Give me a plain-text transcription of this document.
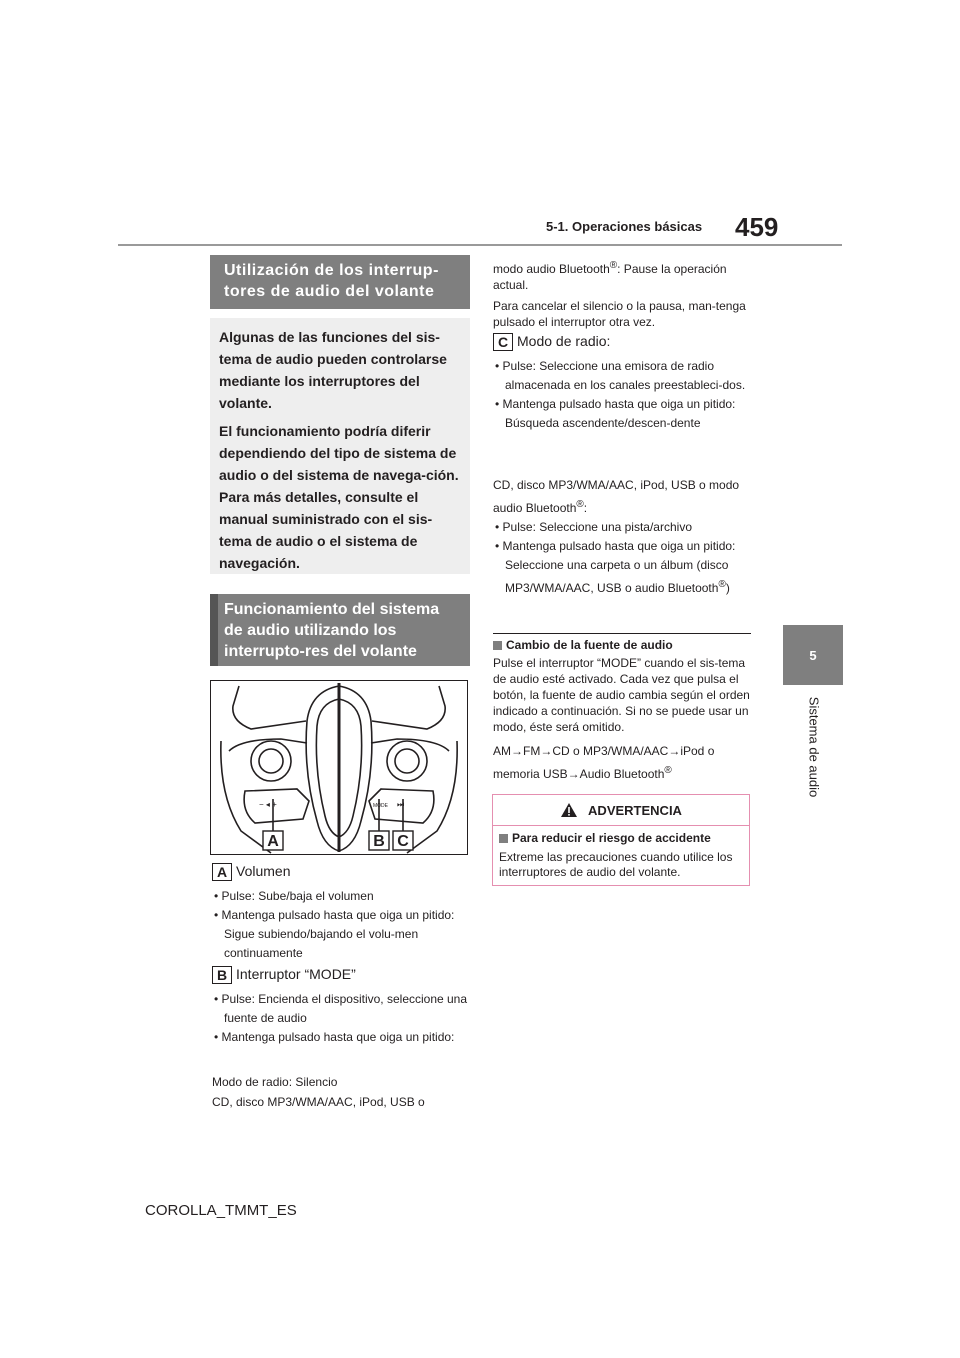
5-1. Operaciones básicas 459
5
Sistema de audio
Utilización de los interrup-tores de audio del volante

Algunas de las funciones del sis-tema de audio pueden controlarse mediante los interruptores del volante.

El funcionamiento podría diferir dependiendo del tipo de sistema de audio o del sistema de navega-ción. Para más detalles, consulte el manual suministrado con el sis-tema de audio o el sistema de navegación.

Funcionamiento del sistema de audio utilizando los interrupto-res del volante
− ◂ +	MODE ⏭
A	B C
A Volumen

• Pulse: Sube/baja el volumen

• Mantenga pulsado hasta que oiga un pitido: Sigue subiendo/bajando el volu-men continuamente

B Interruptor “MODE”

• Pulse: Encienda el dispositivo, seleccione una fuente de audio

• Mantenga pulsado hasta que oiga un pitido:

Modo de radio: Silencio

CD, disco MP3/WMA/AAC, iPod, USB o

modo audio Bluetooth®: Pause la operación actual.

Para cancelar el silencio o la pausa, man-tenga pulsado el interruptor otra vez.

C Modo de radio:

• Pulse: Seleccione una emisora de radio almacenada en los canales preestableci-dos.

• Mantenga pulsado hasta que oiga un pitido: Búsqueda ascendente/descen-dente

CD, disco MP3/WMA/AAC, iPod, USB o modo audio Bluetooth®:

• Pulse: Seleccione una pista/archivo

• Mantenga pulsado hasta que oiga un pitido: Seleccione una carpeta o un álbum (disco MP3/WMA/AAC, USB o audio Bluetooth®)

Cambio de la fuente de audio

Pulse el interruptor “MODE” cuando el sis-tema de audio esté activado. Cada vez que pulsa el botón, la fuente de audio cambia según el orden indicado a continuación. Si no se puede usar un modo, éste será omitido.

AM→FM→CD o MP3/WMA/AAC→iPod o memoria USB→Audio Bluetooth®

ADVERTENCIA

Para reducir el riesgo de accidente

Extreme las precauciones cuando utilice los interruptores de audio del volante.

COROLLA_TMMT_ES
